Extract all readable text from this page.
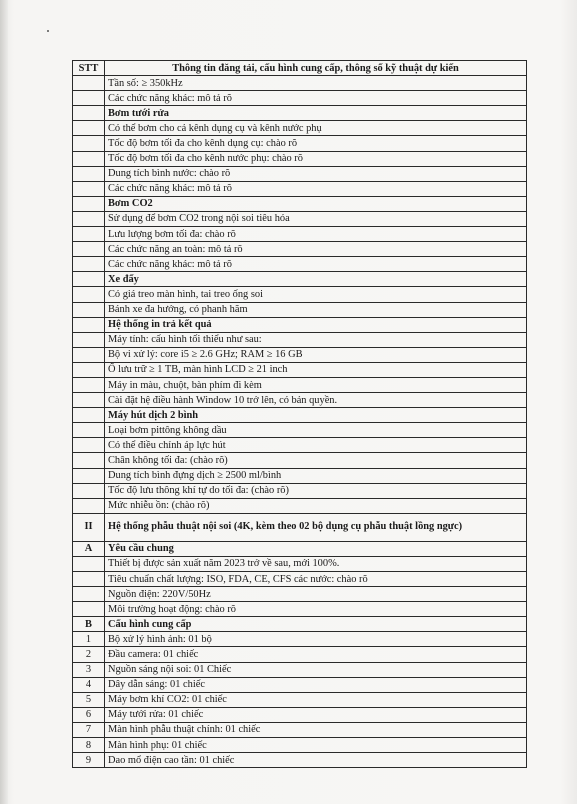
STT	Thông tin đăng tải, cấu hình cung cấp, thông số kỹ thuật dự kiến
	Tần số: ≥ 350kHz
	Các chức năng khác: mô tả rõ
	Bơm tưới rửa
	Có thể bơm cho cả kênh dụng cụ và kênh nước phụ
	Tốc độ bơm tối đa cho kênh dụng cụ: chào rõ
	Tốc độ bơm tối đa cho kênh nước phụ: chào rõ
	Dung tích bình nước: chào rõ
	Các chức năng khác: mô tả rõ
	Bơm CO2
	Sử dụng để bơm CO2 trong nội soi tiêu hóa
	Lưu lượng bơm tối đa: chào rõ
	Các chức năng an toàn: mô tả rõ
	Các chức năng khác: mô tả rõ
	Xe đẩy
	Có giá treo màn hình, tai treo ống soi
	Bánh xe đa hướng, có phanh hãm
	Hệ thống in trả kết quả
	Máy tính: cấu hình tối thiểu như sau:
	Bộ vi xử lý: core i5 ≥ 2.6 GHz; RAM ≥ 16 GB
	Ổ lưu trữ ≥ 1 TB, màn hình LCD ≥ 21 inch
	Máy in màu, chuột, bàn phím đi kèm
	Cài đặt hệ điều hành Window 10 trở lên, có bản quyền.
	Máy hút dịch 2 bình
	Loại bơm pittông không dầu
	Có thể điều chỉnh áp lực hút
	Chân không tối đa: (chào rõ)
	Dung tích bình đựng dịch ≥ 2500 ml/bình
	Tốc độ lưu thông khí tự do tối đa: (chào rõ)
	Mức nhiễu ồn: (chào rõ)
II	Hệ thống phẫu thuật nội soi (4K, kèm theo 02 bộ dụng cụ phẫu thuật lồng ngực)
A	Yêu cầu chung
	Thiết bị được sản xuất năm 2023 trở về sau, mới 100%.
	Tiêu chuẩn chất lượng: ISO, FDA, CE, CFS các nước: chào rõ
	Nguồn điện: 220V/50Hz
	Môi trường hoạt động: chào rõ
B	Cấu hình cung cấp
1	Bộ xử lý hình ảnh: 01 bộ
2	Đầu camera: 01 chiếc
3	Nguồn sáng nội soi: 01 Chiếc
4	Dây dẫn sáng: 01 chiếc
5	Máy bơm khí CO2: 01 chiếc
6	Máy tưới rửa: 01 chiếc
7	Màn hình phẫu thuật chính: 01 chiếc
8	Màn hình phụ: 01 chiếc
9	Dao mổ điện cao tần: 01 chiếc
